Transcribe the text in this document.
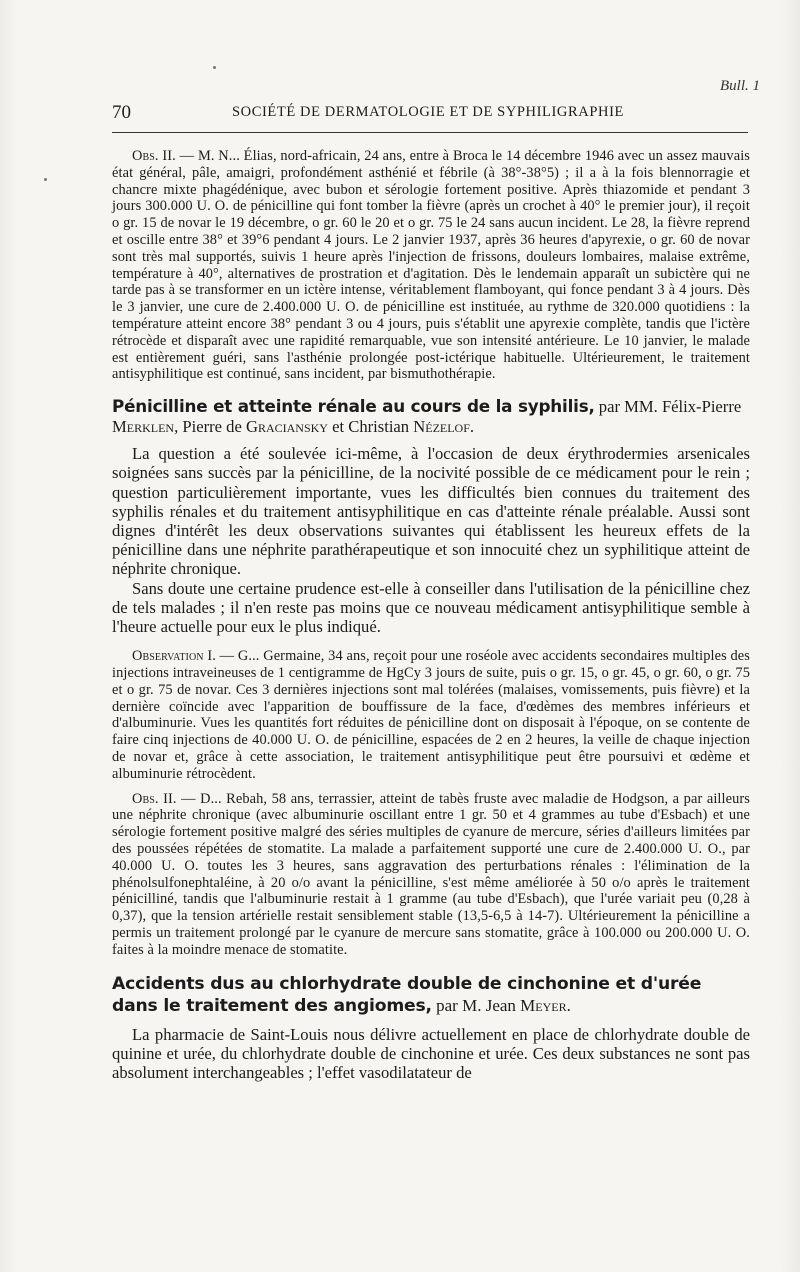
Bull. 1
70	SOCIÉTÉ DE DERMATOLOGIE ET DE SYPHILIGRAPHIE

Obs. II. — M. N... Élias, nord-africain, 24 ans, entre à Broca le 14 décembre 1946 avec un assez mauvais état général, pâle, amaigri, profondément asthénié et fébrile (à 38°-38°5) ; il a à la fois blennorragie et chancre mixte phagédénique, avec bubon et sérologie fortement positive. Après thiazomide et pendant 3 jours 300.000 U. O. de pénicilline qui font tomber la fièvre (après un crochet à 40° le premier jour), il reçoit o gr. 15 de novar le 19 décembre, o gr. 60 le 20 et o gr. 75 le 24 sans aucun incident. Le 28, la fièvre reprend et oscille entre 38° et 39°6 pendant 4 jours. Le 2 janvier 1937, après 36 heures d'apyrexie, o gr. 60 de novar sont très mal supportés, suivis 1 heure après l'injection de frissons, douleurs lombaires, malaise extrême, température à 40°, alternatives de prostration et d'agitation. Dès le lendemain apparaît un subictère qui ne tarde pas à se transformer en un ictère intense, véritablement flamboyant, qui fonce pendant 3 à 4 jours. Dès le 3 janvier, une cure de 2.400.000 U. O. de pénicilline est instituée, au rythme de 320.000 quotidiens : la température atteint encore 38° pendant 3 ou 4 jours, puis s'établit une apyrexie complète, tandis que l'ictère rétrocède et disparaît avec une rapidité remarquable, vue son intensité antérieure. Le 10 janvier, le malade est entièrement guéri, sans l'asthénie prolongée post-ictérique habituelle. Ultérieurement, le traitement antisyphilitique est continué, sans incident, par bismuthothérapie.

Pénicilline et atteinte rénale au cours de la syphilis, par MM. Félix-Pierre Merklen, Pierre de Graciansky et Christian Nézelof.

La question a été soulevée ici-même, à l'occasion de deux érythrodermies arsenicales soignées sans succès par la pénicilline, de la nocivité possible de ce médicament pour le rein ; question particulièrement importante, vues les difficultés bien connues du traitement des syphilis rénales et du traitement antisyphilitique en cas d'atteinte rénale préalable. Aussi sont dignes d'intérêt les deux observations suivantes qui établissent les heureux effets de la pénicilline dans une néphrite parathérapeutique et son innocuité chez un syphilitique atteint de néphrite chronique.

Sans doute une certaine prudence est-elle à conseiller dans l'utilisation de la pénicilline chez de tels malades ; il n'en reste pas moins que ce nouveau médicament antisyphilitique semble à l'heure actuelle pour eux le plus indiqué.

Observation I. — G... Germaine, 34 ans, reçoit pour une roséole avec accidents secondaires multiples des injections intraveineuses de 1 centigramme de HgCy 3 jours de suite, puis o gr. 15, o gr. 45, o gr. 60, o gr. 75 et o gr. 75 de novar. Ces 3 dernières injections sont mal tolérées (malaises, vomissements, puis fièvre) et la dernière coïncide avec l'apparition de bouffissure de la face, d'œdèmes des membres inférieurs et d'albuminurie. Vues les quantités fort réduites de pénicilline dont on disposait à l'époque, on se contente de faire cinq injections de 40.000 U. O. de pénicilline, espacées de 2 en 2 heures, la veille de chaque injection de novar et, grâce à cette association, le traitement antisyphilitique peut être poursuivi et œdème et albuminurie rétrocèdent.

Obs. II. — D... Rebah, 58 ans, terrassier, atteint de tabès fruste avec maladie de Hodgson, a par ailleurs une néphrite chronique (avec albuminurie oscillant entre 1 gr. 50 et 4 grammes au tube d'Esbach) et une sérologie fortement positive malgré des séries multiples de cyanure de mercure, séries d'ailleurs limitées par des poussées répétées de stomatite. La malade a parfaitement supporté une cure de 2.400.000 U. O., par 40.000 U. O. toutes les 3 heures, sans aggravation des perturbations rénales : l'élimination de la phénolsulfonephtaléine, à 20 o/o avant la pénicilline, s'est même améliorée à 50 o/o après le traitement pénicilliné, tandis que l'albuminurie restait à 1 gramme (au tube d'Esbach), que l'urée variait peu (0,28 à 0,37), que la tension artérielle restait sensiblement stable (13,5-6,5 à 14-7). Ultérieurement la pénicilline a permis un traitement prolongé par le cyanure de mercure sans stomatite, grâce à 100.000 ou 200.000 U. O. faites à la moindre menace de stomatite.

Accidents dus au chlorhydrate double de cinchonine et d'urée dans le traitement des angiomes, par M. Jean Meyer.

La pharmacie de Saint-Louis nous délivre actuellement en place de chlorhydrate double de quinine et urée, du chlorhydrate double de cinchonine et urée. Ces deux substances ne sont pas absolument interchangeables ; l'effet vasodilatateur de
